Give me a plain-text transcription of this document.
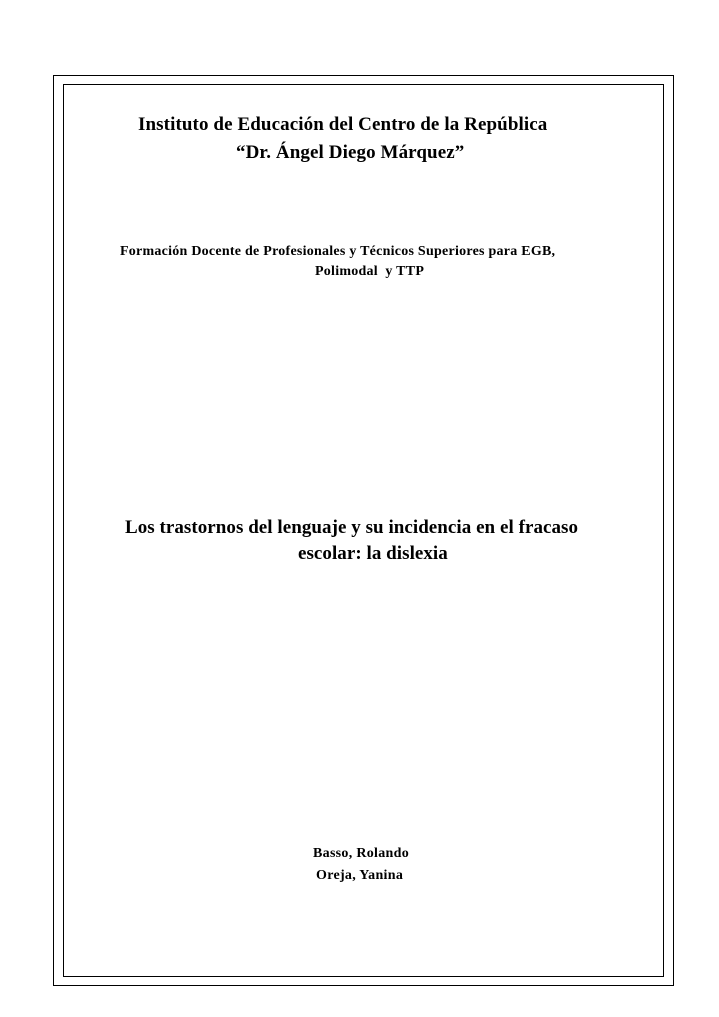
Instituto de Educación del Centro de la República
“Dr. Ángel Diego Márquez”
Formación Docente de Profesionales y Técnicos Superiores para EGB,
Polimodal  y TTP
Los trastornos del lenguaje y su incidencia en el fracaso
escolar: la dislexia
Basso, Rolando
Oreja, Yanina
